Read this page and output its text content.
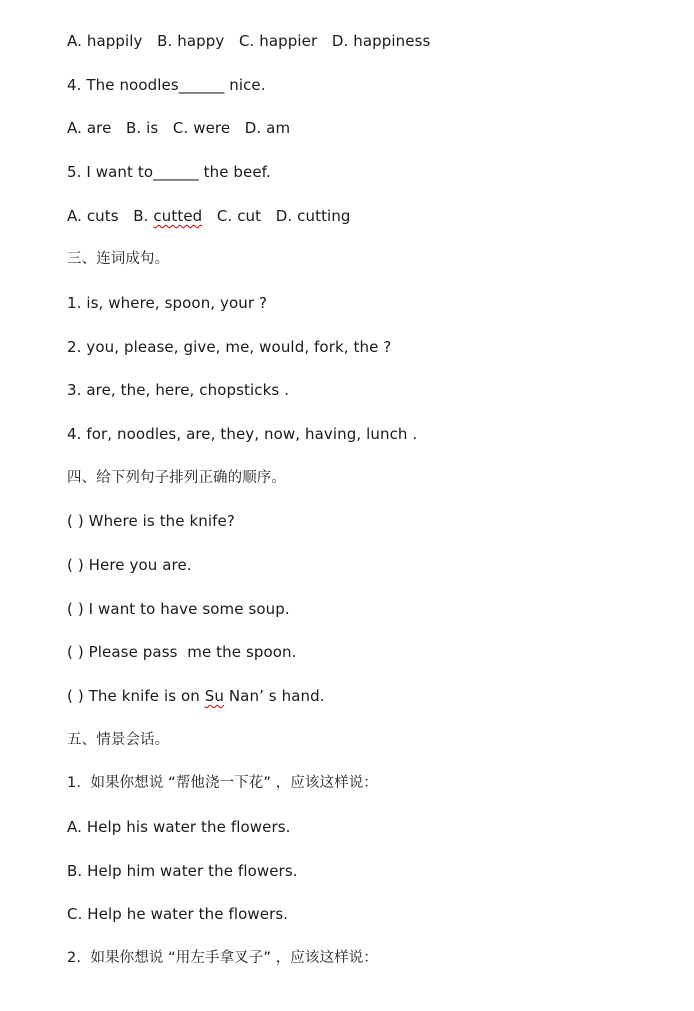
A. happily   B. happy   C. happier   D. happiness
4. The noodles______ nice.
A. are   B. is   C. were   D. am
5. I want to______ the beef.
A. cuts   B. cutted   C. cut   D. cutting
三、连词成句。
1. is, where, spoon, your ?
2. you, please, give, me, would, fork, the ?
3. are, the, here, chopsticks .
4. for, noodles, are, they, now, having, lunch .
四、给下列句子排列正确的顺序。
( ) Where is the knife?
( ) Here you are.
( ) I want to have some soup.
( ) Please pass  me the spoon.
( ) The knife is on Su Nan’ s hand.
五、情景会话。
1.  如果你想说 “帮他浇一下花” ，应该这样说：
A. Help his water the flowers.
B. Help him water the flowers.
C. Help he water the flowers.
2.  如果你想说 “用左手拿叉子” ，应该这样说：
